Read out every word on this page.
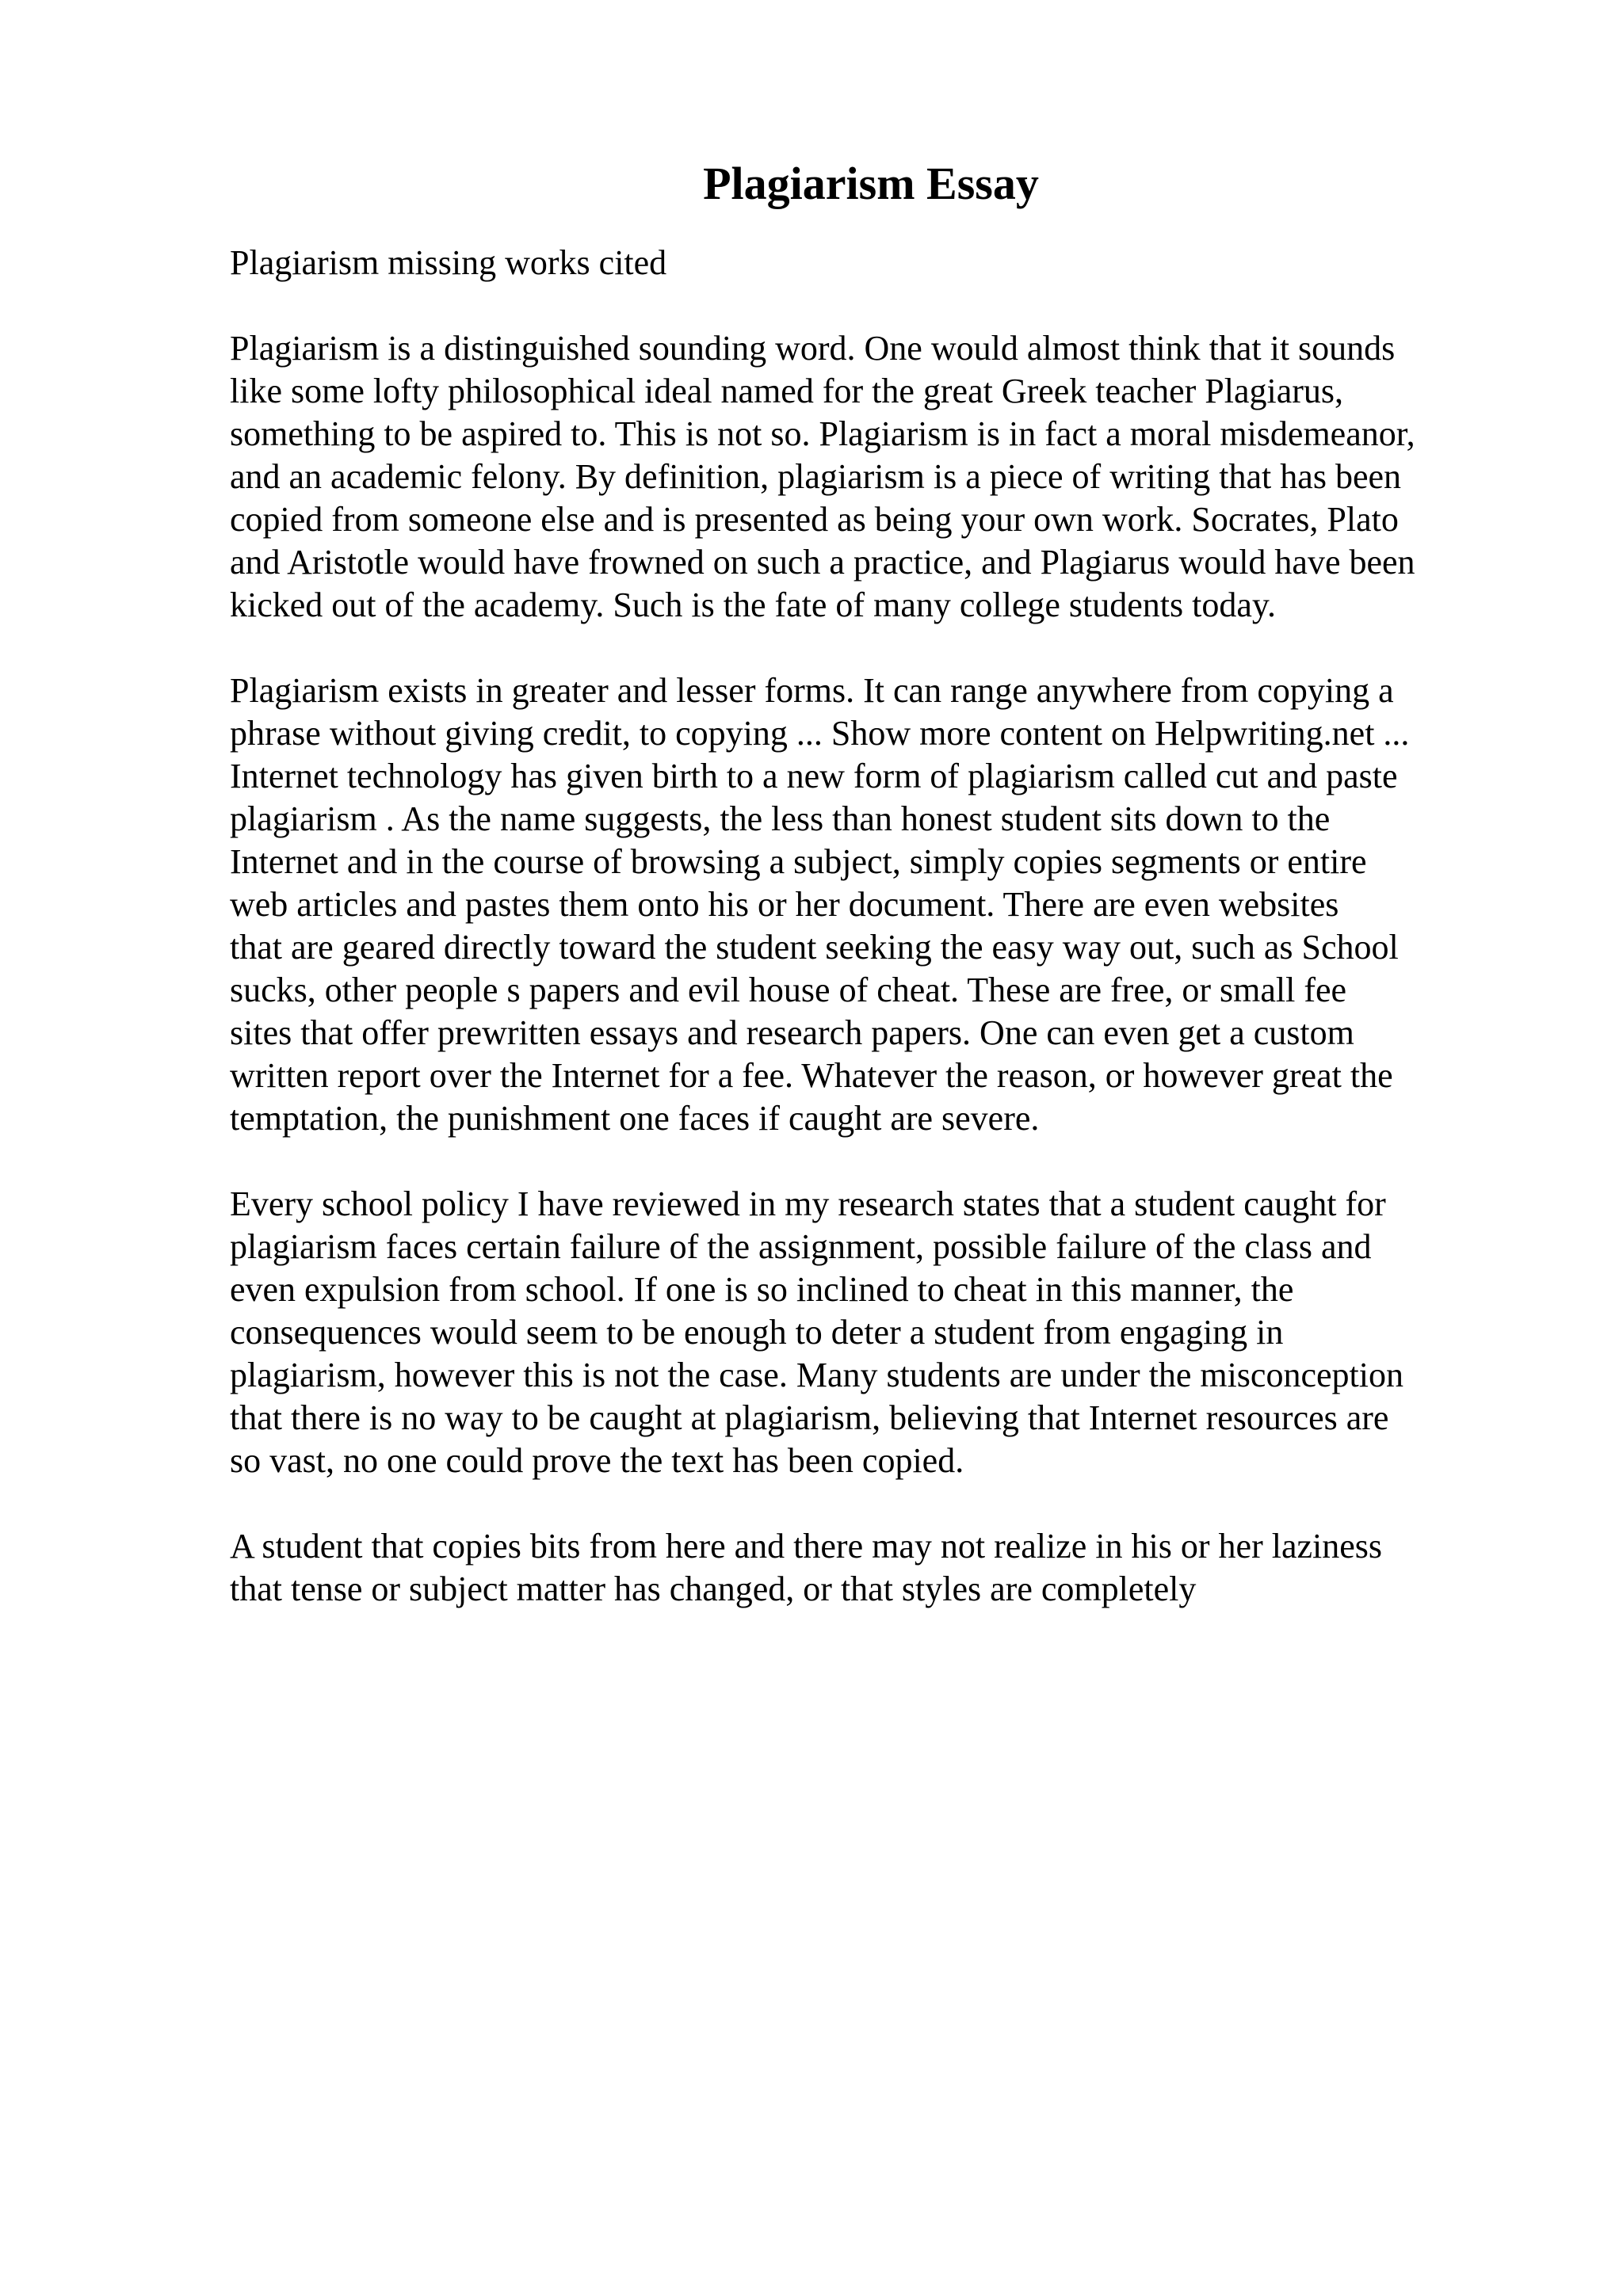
Plagiarism Essay
Plagiarism missing works cited
Plagiarism is a distinguished sounding word. One would almost think that it sounds
like some lofty philosophical ideal named for the great Greek teacher Plagiarus,
something to be aspired to. This is not so. Plagiarism is in fact a moral misdemeanor,
and an academic felony. By definition, plagiarism is a piece of writing that has been
copied from someone else and is presented as being your own work. Socrates, Plato
and Aristotle would have frowned on such a practice, and Plagiarus would have been
kicked out of the academy. Such is the fate of many college students today.
Plagiarism exists in greater and lesser forms. It can range anywhere from copying a
phrase without giving credit, to copying ... Show more content on Helpwriting.net ...
Internet technology has given birth to a new form of plagiarism called cut and paste
plagiarism . As the name suggests, the less than honest student sits down to the
Internet and in the course of browsing a subject, simply copies segments or entire
web articles and pastes them onto his or her document. There are even websites
that are geared directly toward the student seeking the easy way out, such as School
sucks, other people s papers and evil house of cheat. These are free, or small fee
sites that offer prewritten essays and research papers. One can even get a custom
written report over the Internet for a fee. Whatever the reason, or however great the
temptation, the punishment one faces if caught are severe.
Every school policy I have reviewed in my research states that a student caught for
plagiarism faces certain failure of the assignment, possible failure of the class and
even expulsion from school. If one is so inclined to cheat in this manner, the
consequences would seem to be enough to deter a student from engaging in
plagiarism, however this is not the case. Many students are under the misconception
that there is no way to be caught at plagiarism, believing that Internet resources are
so vast, no one could prove the text has been copied.
A student that copies bits from here and there may not realize in his or her laziness
that tense or subject matter has changed, or that styles are completely
